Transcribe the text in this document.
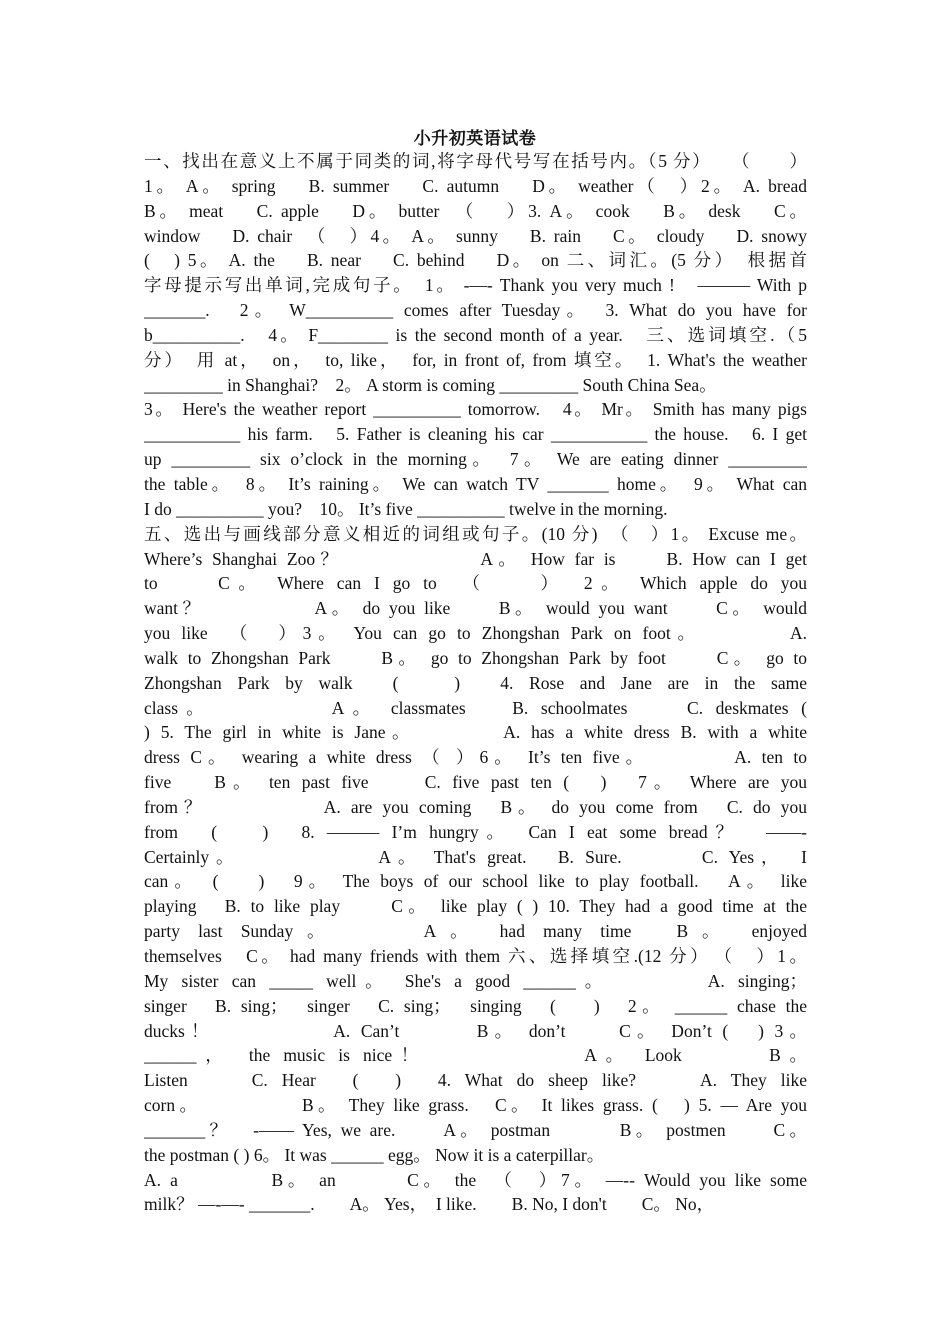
小升初英语试卷
一、找出在意义上不属于同类的词,将字母代号写在括号内。（5 分）　　（　　）
1。 A。 spring　 B. summer　 C. autumn　 D。 weather（　）2。 A. bread
B。 meat　 C. apple　 D。 butter　（　 ）3. A。 cook　 B。 desk　 C。
window　 D. chair　（　）4。 A。 sunny　 B. rain　 C。 cloudy　 D. snowy
(　) 5。 A. the　 B. near　 C. behind　 D。 on 二、词汇。(5 分）　根据首
字母提示写出单词,完成句子。　1。 -—- Thank you very much !　——— With p
_______.　2。 W__________ comes after Tuesday。　3. What do you have for
b__________.　4。 F________ is the second month of a year.　三、选词填空.（5
分）　用 at，　on，　to, like，　for, in front of, from 填空。　1. What's the weather
_________ in Shanghai?　2。 A storm is coming _________ South China Sea。
3。 Here's the weather report __________ tomorrow.　4。 Mr。 Smith has many pigs
___________ his farm.　5. Father is cleaning his car ___________ the house.　6. I get
up _________ six o’clock in the morning。　7。 We are eating dinner _________
the table。　8。 It’s raining。 We can watch TV _______ home。　9。 What can
I do __________ you?　10。 It’s five __________ twelve in the morning.
五、选出与画线部分意义相近的词组或句子。(10 分)　（　）1。 Excuse me。
Where’s Shanghai Zoo？　　　　　　A。 How far is　　B. How can I get
to　　C。 Where can I go to　（　　）　2。 Which apple do you
want？　　　　　A。 do you like　　B。 would you want　　C。 would
you like　（　）3。 You can go to Zhongshan Park on foot。　　　　A.
walk to Zhongshan Park　　B。 go to Zhongshan Park by foot　　C。 go to
Zhongshan Park by walk　(　 )　4. Rose and Jane are in the same
class。　　　　　A。 classmates　 B. schoolmates　　C. deskmates (
) 5. The girl in white is Jane。　　　　A. has a white dress B. with a white
dress C。 wearing a white dress （ ）6。 It’s ten five。　　　　A. ten to
five　 B。 ten past five　　C. five past ten (　)　7。 Where are you
from？　　　　　A. are you coming　B。 do you come from　C. do you
from　(　 )　8. ——— I’m hungry。　Can I eat some bread？　——-
Certainly。　　　　　　A。 That's great.　B. Sure.　　　C. Yes，　I
can。　(　 )　9。 The boys of our school like to play football.　A。 like
playing　B. to like play　　C。 like play ( ) 10. They had a good time at the
party last Sunday。　　　A。 had many time　B。 enjoyed
themselves　C。 had many friends with them 六、选择填空.(12 分）　（　）1。
My sister can _____ well。 She's a good ______。　　　　A. singing；
singer　B. sing；　singer　C. sing；　singing　(　 )　2。 ______ chase the
ducks！　　　　　A. Can’t　　　B。 don’t　　C。 Don’t (　) 3。
______，　the music is nice！　　　　　　A。 Look　　　B。
Listen　　C. Hear　(　)　4. What do sheep like?　　A. They like
corn。　　　　　B。 They like grass.　C。 It likes grass. (　) 5. — Are you
_______？　-—— Yes, we are.　　A。 postman　　　B。 postmen　　C。
the postman ( ) 6。 It was ______ egg。 Now it is a caterpillar。
A. a　　　　B。 an　　　C。 the　（　）7。 —-- Would you like some
milk？ —-—- _______.　　A。 Yes，　I like.　　B. No, I don't　　C。 No，
